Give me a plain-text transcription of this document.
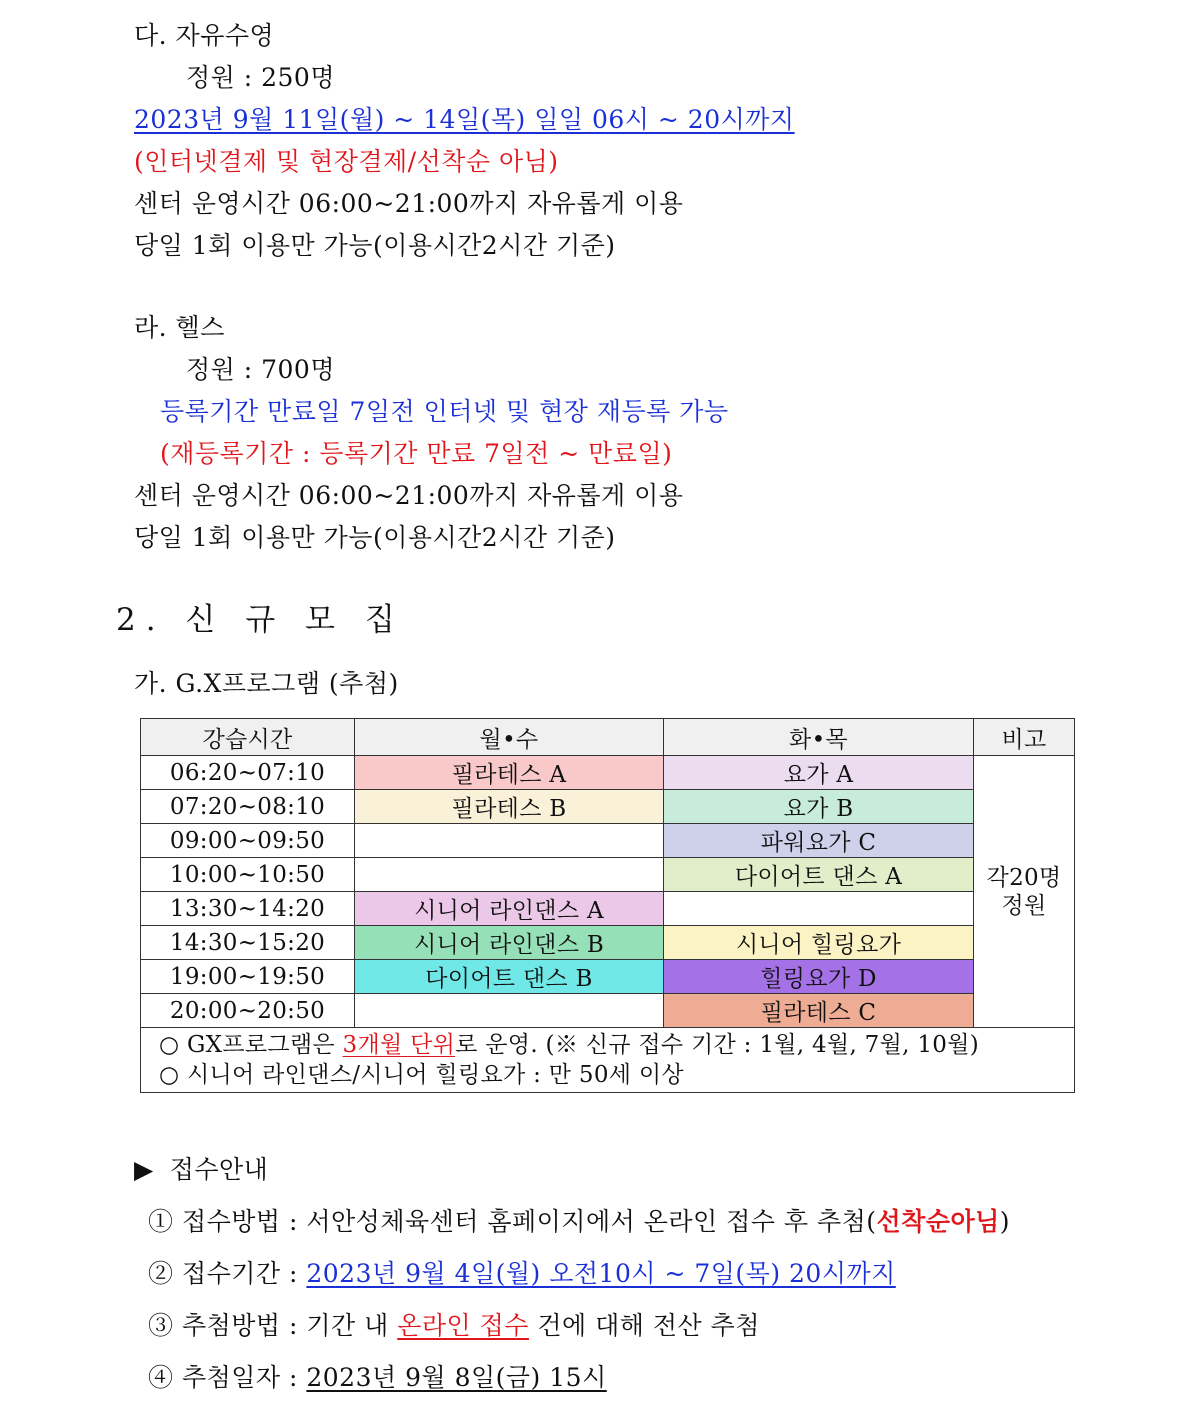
다. 자유수영
정원 : 250명
2023년 9월 11일(월) ~ 14일(목) 일일 06시 ~ 20시까지
(인터넷결제 및 현장결제/선착순 아님)
센터 운영시간 06:00~21:00까지 자유롭게 이용
당일 1회 이용만 가능(이용시간2시간 기준)
라. 헬스
정원 : 700명
등록기간 만료일 7일전 인터넷 및 현장 재등록 가능
(재등록기간 : 등록기간 만료 7일전 ~ 만료일)
센터 운영시간 06:00~21:00까지 자유롭게 이용
당일 1회 이용만 가능(이용시간2시간 기준)
2. 신 규 모 집
가. G.X프로그램 (추첨)
강습시간	월•수	화•목	비고
06:20~07:10	필라테스 A	요가 A	각20명
정원

07:20~08:10	필라테스 B	요가 B	
09:00~09:50		파워요가 C	
10:00~10:50		다이어트 댄스 A	
13:30~14:20	시니어 라인댄스 A		
14:30~15:20	시니어 라인댄스 B	시니어 힐링요가	
19:00~19:50	다이어트 댄스 B	힐링요가 D	
20:00~20:50		필라테스 C	

○ GX프로그램은 3개월 단위로 운영. (※ 신규 접수 기간 : 1월, 4월, 7월, 10월)
○ 시니어 라인댄스/시니어 힐링요가 : 만 50세 이상			
▶ 접수안내
① 접수방법 : 서안성체육센터 홈페이지에서 온라인 접수 후 추첨(선착순아님)
② 접수기간 : 2023년 9월 4일(월) 오전10시 ~ 7일(목) 20시까지
③ 추첨방법 : 기간 내 온라인 접수 건에 대해 전산 추첨
④ 추첨일자 : 2023년 9월 8일(금) 15시
